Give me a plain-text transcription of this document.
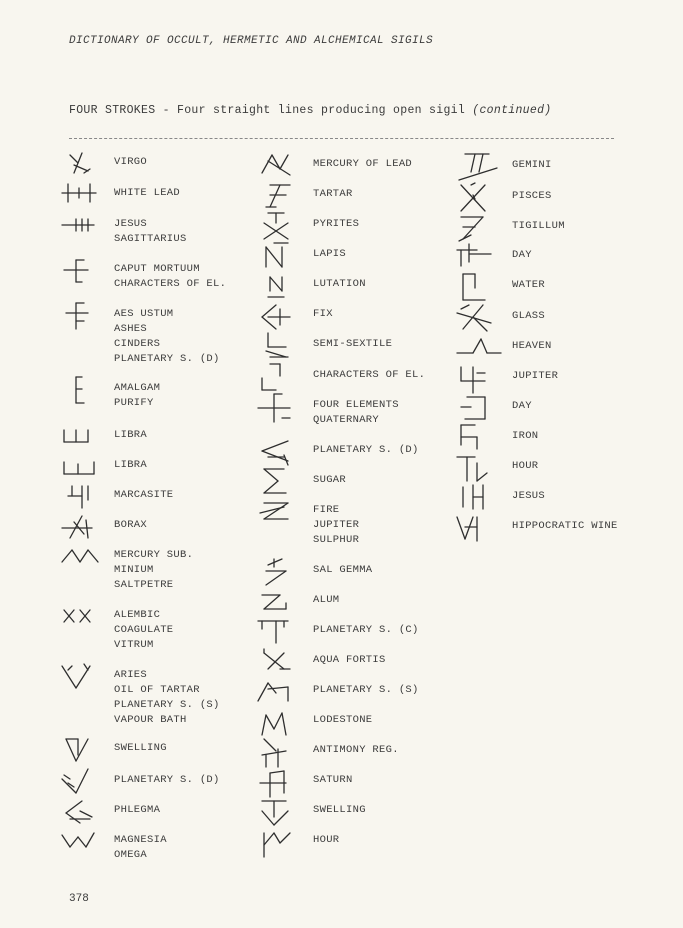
DICTIONARY OF OCCULT, HERMETIC AND ALCHEMICAL SIGILS
FOUR STROKES - Four straight lines producing open sigil (continued)
VIRGO
WHITE LEAD
JESUS
SAGITTARIUS
CAPUT MORTUUM
CHARACTERS OF EL.
AES USTUM
ASHES
CINDERS
PLANETARY S. (D)
AMALGAM
PURIFY
LIBRA
LIBRA
MARCASITE
BORAX
MERCURY SUB.
MINIUM
SALTPETRE
ALEMBIC
COAGULATE
VITRUM
ARIES
OIL OF TARTAR
PLANETARY S. (S)
VAPOUR BATH
SWELLING
PLANETARY S. (D)
PHLEGMA
MAGNESIA
OMEGA
MERCURY OF LEAD
TARTAR
PYRITES
LAPIS
LUTATION
FIX
SEMI-SEXTILE
CHARACTERS OF EL.
FOUR ELEMENTS
QUATERNARY
PLANETARY S. (D)
SUGAR
FIRE
JUPITER
SULPHUR
SAL GEMMA
ALUM
PLANETARY S. (C)
AQUA FORTIS
PLANETARY S. (S)
LODESTONE
ANTIMONY REG.
SATURN
SWELLING
HOUR
GEMINI
PISCES
TIGILLUM
DAY
WATER
GLASS
HEAVEN
JUPITER
DAY
IRON
HOUR
JESUS
HIPPOCRATIC WINE
378
